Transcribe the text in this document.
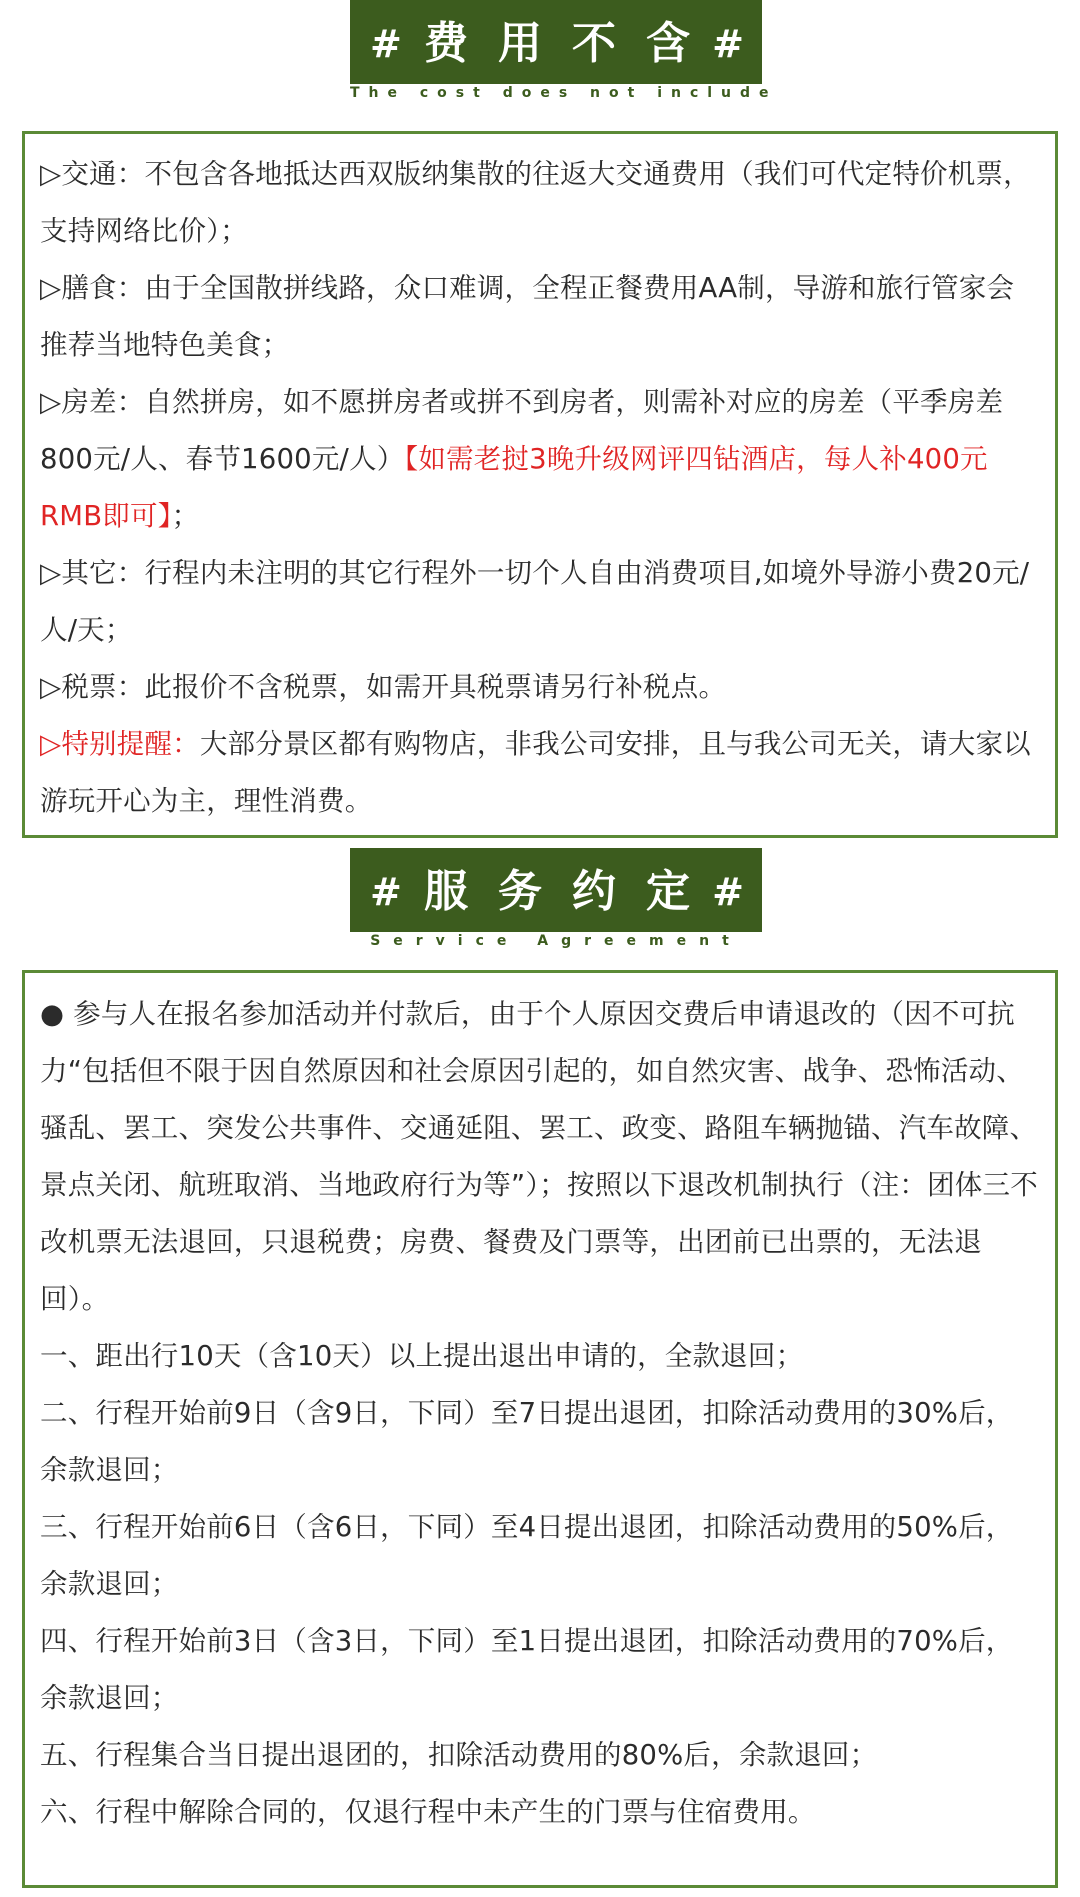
# 费用不含
#
The cost does not include

▷交通：不包含各地抵达西双版纳集散的往返大交通费用（我们可代定特价机票，支持网络比价）；

▷膳食：由于全国散拼线路，众口难调，全程正餐费用AA制，导游和旅行管家会推荐当地特色美食；

▷房差：自然拼房，如不愿拼房者或拼不到房者，则需补对应的房差（平季房差800元/人、春节1600元/人）【如需老挝3晚升级网评四钻酒店，每人补400元RMB即可】；

▷其它：行程内未注明的其它行程外一切个人自由消费项目,如境外导游小费20元/人/天；

▷税票：此报价不含税票，如需开具税票请另行补税点。

▷特别提醒：大部分景区都有购物店，非我公司安排，且与我公司无关，请大家以游玩开心为主，理性消费。

# 服务约定
#
Service Agreement

● 参与人在报名参加活动并付款后，由于个人原因交费后申请退改的（因不可抗力“包括但不限于因自然原因和社会原因引起的，如自然灾害、战争、恐怖活动、骚乱、罢工、突发公共事件、交通延阻、罢工、政变、路阻车辆抛锚、汽车故障、景点关闭、航班取消、当地政府行为等”）；按照以下退改机制执行（注：团体三不改机票无法退回，只退税费；房费、餐费及门票等，出团前已出票的，无法退回）。

一、距出行10天（含10天）以上提出退出申请的，全款退回；

二、行程开始前9日（含9日，下同）至7日提出退团，扣除活动费用的30%后，余款退回；

三、行程开始前6日（含6日，下同）至4日提出退团，扣除活动费用的50%后，余款退回；

四、行程开始前3日（含3日，下同）至1日提出退团，扣除活动费用的70%后，余款退回；

五、行程集合当日提出退团的，扣除活动费用的80%后，余款退回；

六、行程中解除合同的，仅退行程中未产生的门票与住宿费用。
